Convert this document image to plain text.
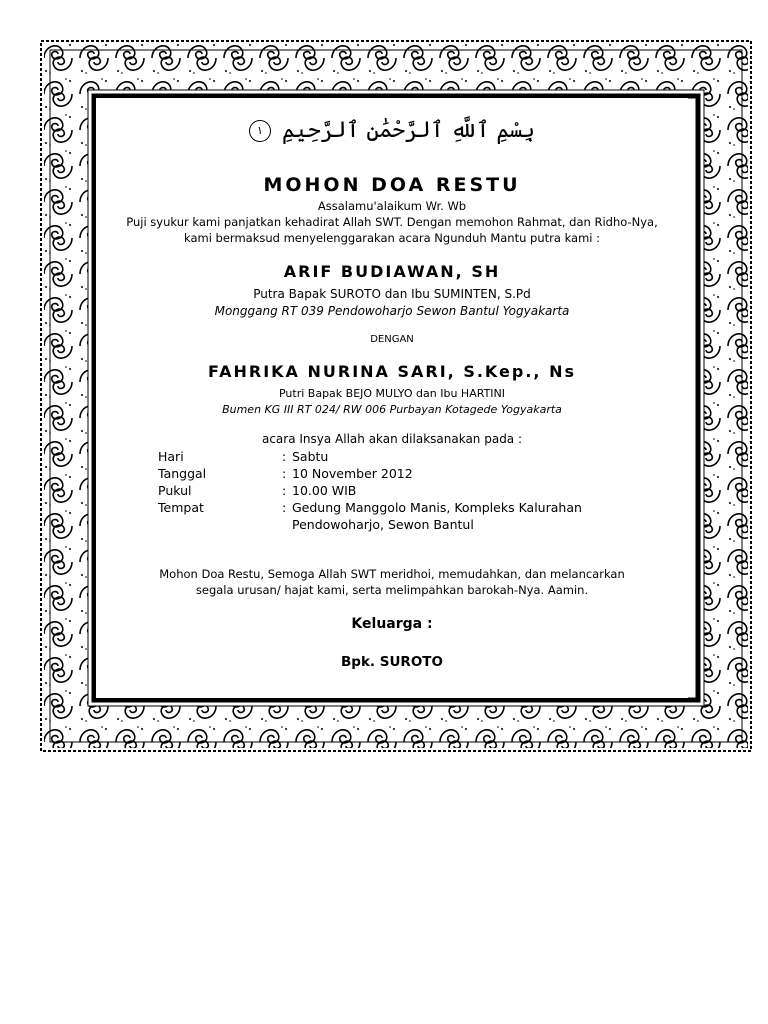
بِسْمِ ٱللَّهِ ٱلرَّحْمَٰنِ ٱلرَّحِيمِ ١
MOHON DOA RESTU
Assalamu'alaikum Wr. Wb
Puji syukur kami panjatkan kehadirat Allah SWT. Dengan memohon Rahmat, dan Ridho-Nya,
kami bermaksud menyelenggarakan acara Ngunduh Mantu putra kami :
ARIF BUDIAWAN, SH
Putra Bapak SUROTO dan Ibu SUMINTEN, S.Pd
Monggang RT 039 Pendowoharjo Sewon Bantul Yogyakarta
DENGAN
FAHRIKA NURINA SARI, S.Kep., Ns
Putri Bapak BEJO MULYO dan Ibu HARTINI
Bumen KG III RT 024/ RW 006 Purbayan Kotagede Yogyakarta
acara Insya Allah akan dilaksanakan pada :
Hari	: Sabtu
Tanggal	: 10 November 2012
Pukul	: 10.00 WIB
Tempat	: Gedung Manggolo Manis, Kompleks Kalurahan
Pendowoharjo, Sewon Bantul
Mohon Doa Restu, Semoga Allah SWT meridhoi, memudahkan, dan melancarkan
segala urusan/ hajat kami, serta melimpahkan barokah-Nya. Aamin.
Keluarga :
Bpk. SUROTO
